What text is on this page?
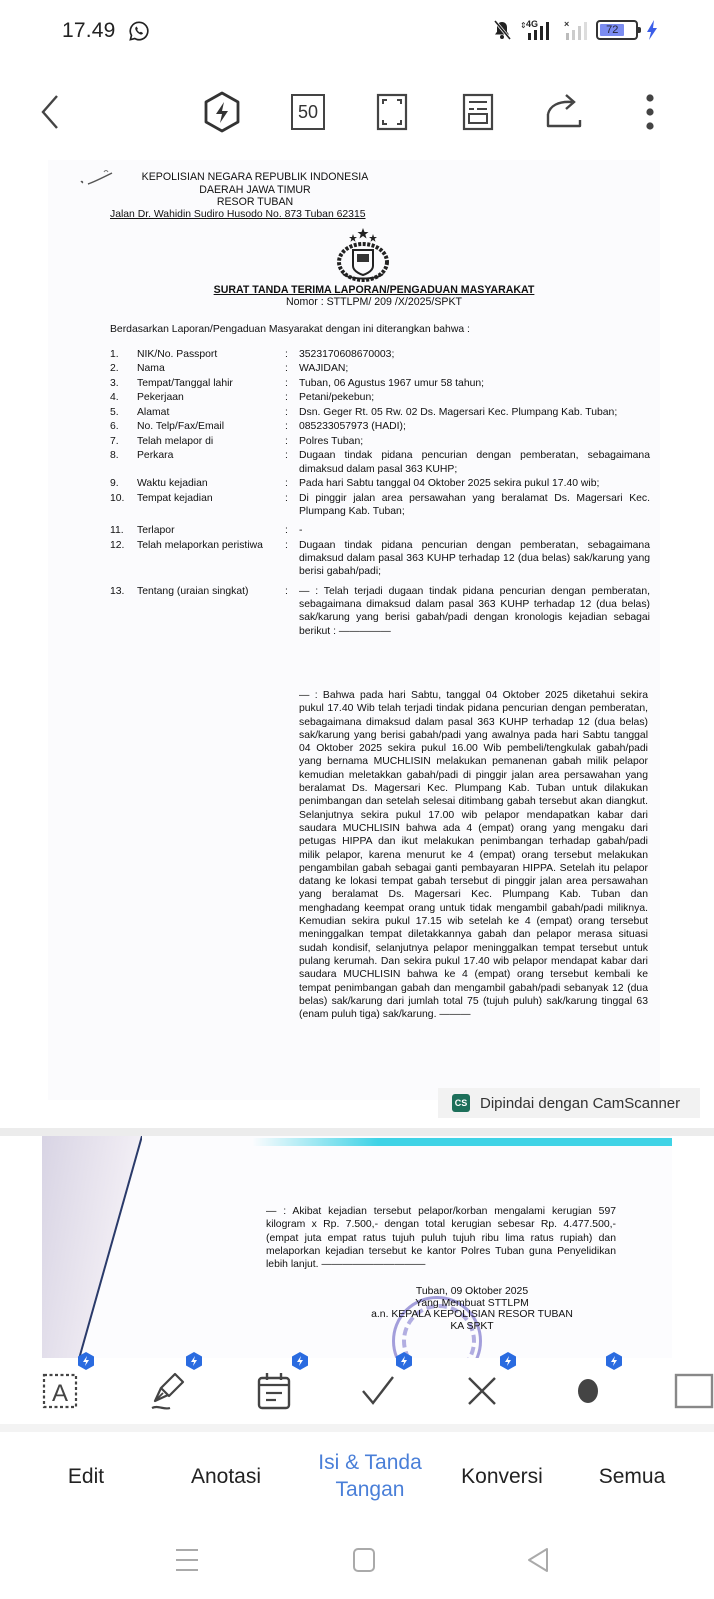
17.49	⇕ 4G	×	72
50
KEPOLISIAN NEGARA REPUBLIK INDONESIA
DAERAH JAWA TIMUR
RESOR TUBAN
Jalan Dr. Wahidin Sudiro Husodo No. 873 Tuban 62315
SURAT TANDA TERIMA LAPORAN/PENGADUAN MASYARAKAT
Nomor : STTLPM/ 209 /X/2025/SPKT
Berdasarkan Laporan/Pengaduan Masyarakat dengan ini diterangkan bahwa :
1.	NIK/No. Passport	:	3523170608670003;
2.	Nama	:	WAJIDAN;
3.	Tempat/Tanggal lahir	:	Tuban, 06 Agustus 1967 umur 58 tahun;
4.	Pekerjaan	:	Petani/pekebun;
5.	Alamat	:	Dsn. Geger Rt. 05 Rw. 02 Ds. Magersari Kec. Plumpang Kab. Tuban;
6.	No. Telp/Fax/Email	:	085233057973 (HADI);
7.	Telah melapor di	:	Polres Tuban;
8.	Perkara	:	Dugaan tindak pidana pencurian dengan pemberatan, sebagaimana dimaksud dalam pasal 363 KUHP;
9.	Waktu kejadian	:	Pada hari Sabtu tanggal 04 Oktober 2025 sekira pukul 17.40 wib;
10.	Tempat kejadian	:	Di pinggir jalan area persawahan yang beralamat Ds. Magersari Kec. Plumpang Kab. Tuban;
11.	Terlapor	:	-
12.	Telah melaporkan peristiwa	:	Dugaan tindak pidana pencurian dengan pemberatan, sebagaimana dimaksud dalam pasal 363 KUHP terhadap 12 (dua belas) sak/karung yang berisi gabah/padi;
13.	Tentang (uraian singkat)	:	— : Telah terjadi dugaan tindak pidana pencurian dengan pemberatan, sebagaimana dimaksud dalam pasal 363 KUHP terhadap 12 (dua belas) sak/karung yang berisi gabah/padi dengan kronologis kejadian sebagai berikut : —————
— : Bahwa pada hari Sabtu, tanggal 04 Oktober 2025 diketahui sekira pukul 17.40 Wib telah terjadi tindak pidana pencurian dengan pemberatan, sebagaimana dimaksud dalam pasal 363 KUHP terhadap 12 (dua belas) sak/karung yang berisi gabah/padi yang awalnya pada hari Sabtu tanggal 04 Oktober 2025 sekira pukul 16.00 Wib pembeli/tengkulak gabah/padi yang bernama MUCHLISIN melakukan pemanenan gabah milik pelapor kemudian meletakkan gabah/padi di pinggir jalan area persawahan yang beralamat Ds. Magersari Kec. Plumpang Kab. Tuban untuk dilakukan penimbangan dan setelah selesai ditimbang gabah tersebut akan diangkut. Selanjutnya sekira pukul 17.00 wib pelapor mendapatkan kabar dari saudara MUCHLISIN bahwa ada 4 (empat) orang yang mengaku dari petugas HIPPA dan ikut melakukan penimbangan terhadap gabah/padi milik pelapor, karena menurut ke 4 (empat) orang tersebut melakukan pengambilan gabah sebagai ganti pembayaran HIPPA. Setelah itu pelapor datang ke lokasi tempat gabah tersebut di pinggir jalan area persawahan yang beralamat Ds. Magersari Kec. Plumpang Kab. Tuban dan menghadang keempat orang untuk tidak mengambil gabah/padi miliknya. Kemudian sekira pukul 17.15 wib setelah ke 4 (empat) orang tersebut meninggalkan tempat diletakkannya gabah dan pelapor merasa situasi sudah kondisif, selanjutnya pelapor meninggalkan tempat tersebut untuk pulang kerumah. Dan sekira pukul 17.40 wib pelapor mendapat kabar dari saudara MUCHLISIN bahwa ke 4 (empat) orang tersebut kembali ke tempat penimbangan gabah dan mengambil gabah/padi sebanyak 12 (dua belas) sak/karung dari jumlah total 75 (tujuh puluh) sak/karung tinggal 63 (enam puluh tiga) sak/karung. ———
CS Dipindai dengan CamScanner
— : Akibat kejadian tersebut pelapor/korban mengalami kerugian 597 kilogram x Rp. 7.500,- dengan total kerugian sebesar Rp. 4.477.500,- (empat juta empat ratus tujuh puluh tujuh ribu lima ratus rupiah) dan melaporkan kejadian tersebut ke kantor Polres Tuban guna Penyelidikan lebih lanjut. ——————————
Tuban, 09 Oktober 2025
Yang Membuat STTLPM
a.n. KEPALA KEPOLISIAN RESOR TUBAN
KA SPKT
A
Edit	Anotasi
Isi & Tanda Tangan
Konversi	Semua
